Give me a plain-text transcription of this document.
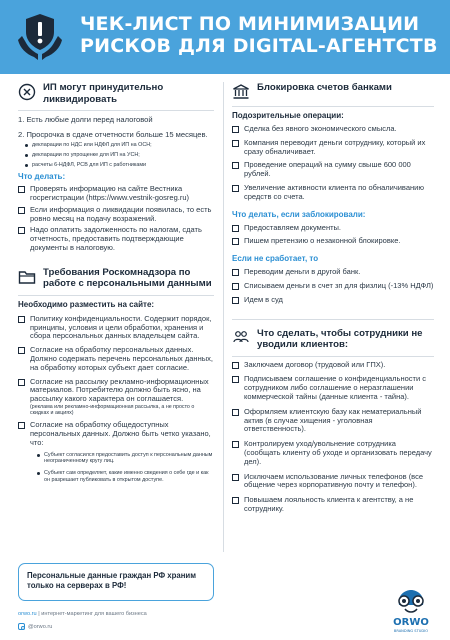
ЧЕК-ЛИСТ ПО МИНИМИЗАЦИИ РИСКОВ ДЛЯ DIGITAL-АГЕНТСТВ
ИП могут принудительно ликвидировать
1. Есть любые долги перед налоговой
2. Просрочка в сдаче отчетности больше 15 месяцев.
декларации по НДС или НДФЛ для ИП на ОСН;
декларации по упрощенке для ИП на УСН;
расчеты 6-НДФЛ, РСВ для ИП с работниками
Что делать:
Проверять информацию на сайте Вестника госрегистрации (https://www.vestnik-gosreg.ru)
Если информация о ликвидации появилась, то есть ровно месяц на подачу возражений.
Надо оплатить задолженность по налогам, сдать отчетность, предоставить подтверждающие документы в налоговую.
Требования Роскомнадзора по работе с персональными данными
Необходимо разместить на сайте:
Политику конфиденциальности. Содержит порядок, принципы, условия и цели обработки, хранения и сбора персональных данных владельцем сайта.
Согласие на обработку персональных данных. Должно содержать перечень персональных данных, на обработку которых субъект дает согласие.
Согласие на рассылку рекламно-информационных материалов. Потребителю должно быть ясно, на рассылку какого характера он соглашается.
(реклама или рекламно-информационная рассылка, а не просто о скидках и акциях)
Согласие на обработку общедоступных персональных данных. Должно быть четко указано, что:
Субъект согласился предоставить доступ к персональным данным неограниченному кругу лиц.
Субъект сам определяет, какие именно сведения о себе где и как он разрешает публиковать в открытом доступе.
Персональные данные граждан РФ храним только на серверах в РФ!
Блокировка счетов банками
Подозрительные операции:
Сделка без явного экономического смысла.
Компания переводит деньги сотруднику, который их сразу обналичивает.
Проведение операций на сумму свыше 600 000 рублей.
Увеличение активности клиента по обналичиванию средств со счета.
Что делать, если заблокировали:
Предоставляем документы.
Пишем претензию о незаконной блокировке.
Если не сработает, то
Переводим деньги в другой банк.
Списываем деньги в счет зп для физлиц (-13% НДФЛ)
Идем в суд
Что сделать, чтобы сотрудники не уводили клиентов:
Заключаем договор (трудовой или ГПХ).
Подписываем соглашение о конфиденциальности с сотрудником либо соглашение о неразглашении коммерческой тайны (данные клиента - тайна).
Оформляем клиентскую базу как нематериальный актив (в случае хищения - уголовная ответственность).
Контролируем уход/увольнение сотрудника (сообщать клиенту об уходе и организовать передачу дел).
Исключаем использование личных телефонов (все общение через корпоративную почту и телефон).
Повышаем лояльность клиента к агентству, а не сотруднику.
orwo.ru | интернет-маркетинг для вашего бизнеса
@orwo.ru	ORWO
BRANDING STUDIO
